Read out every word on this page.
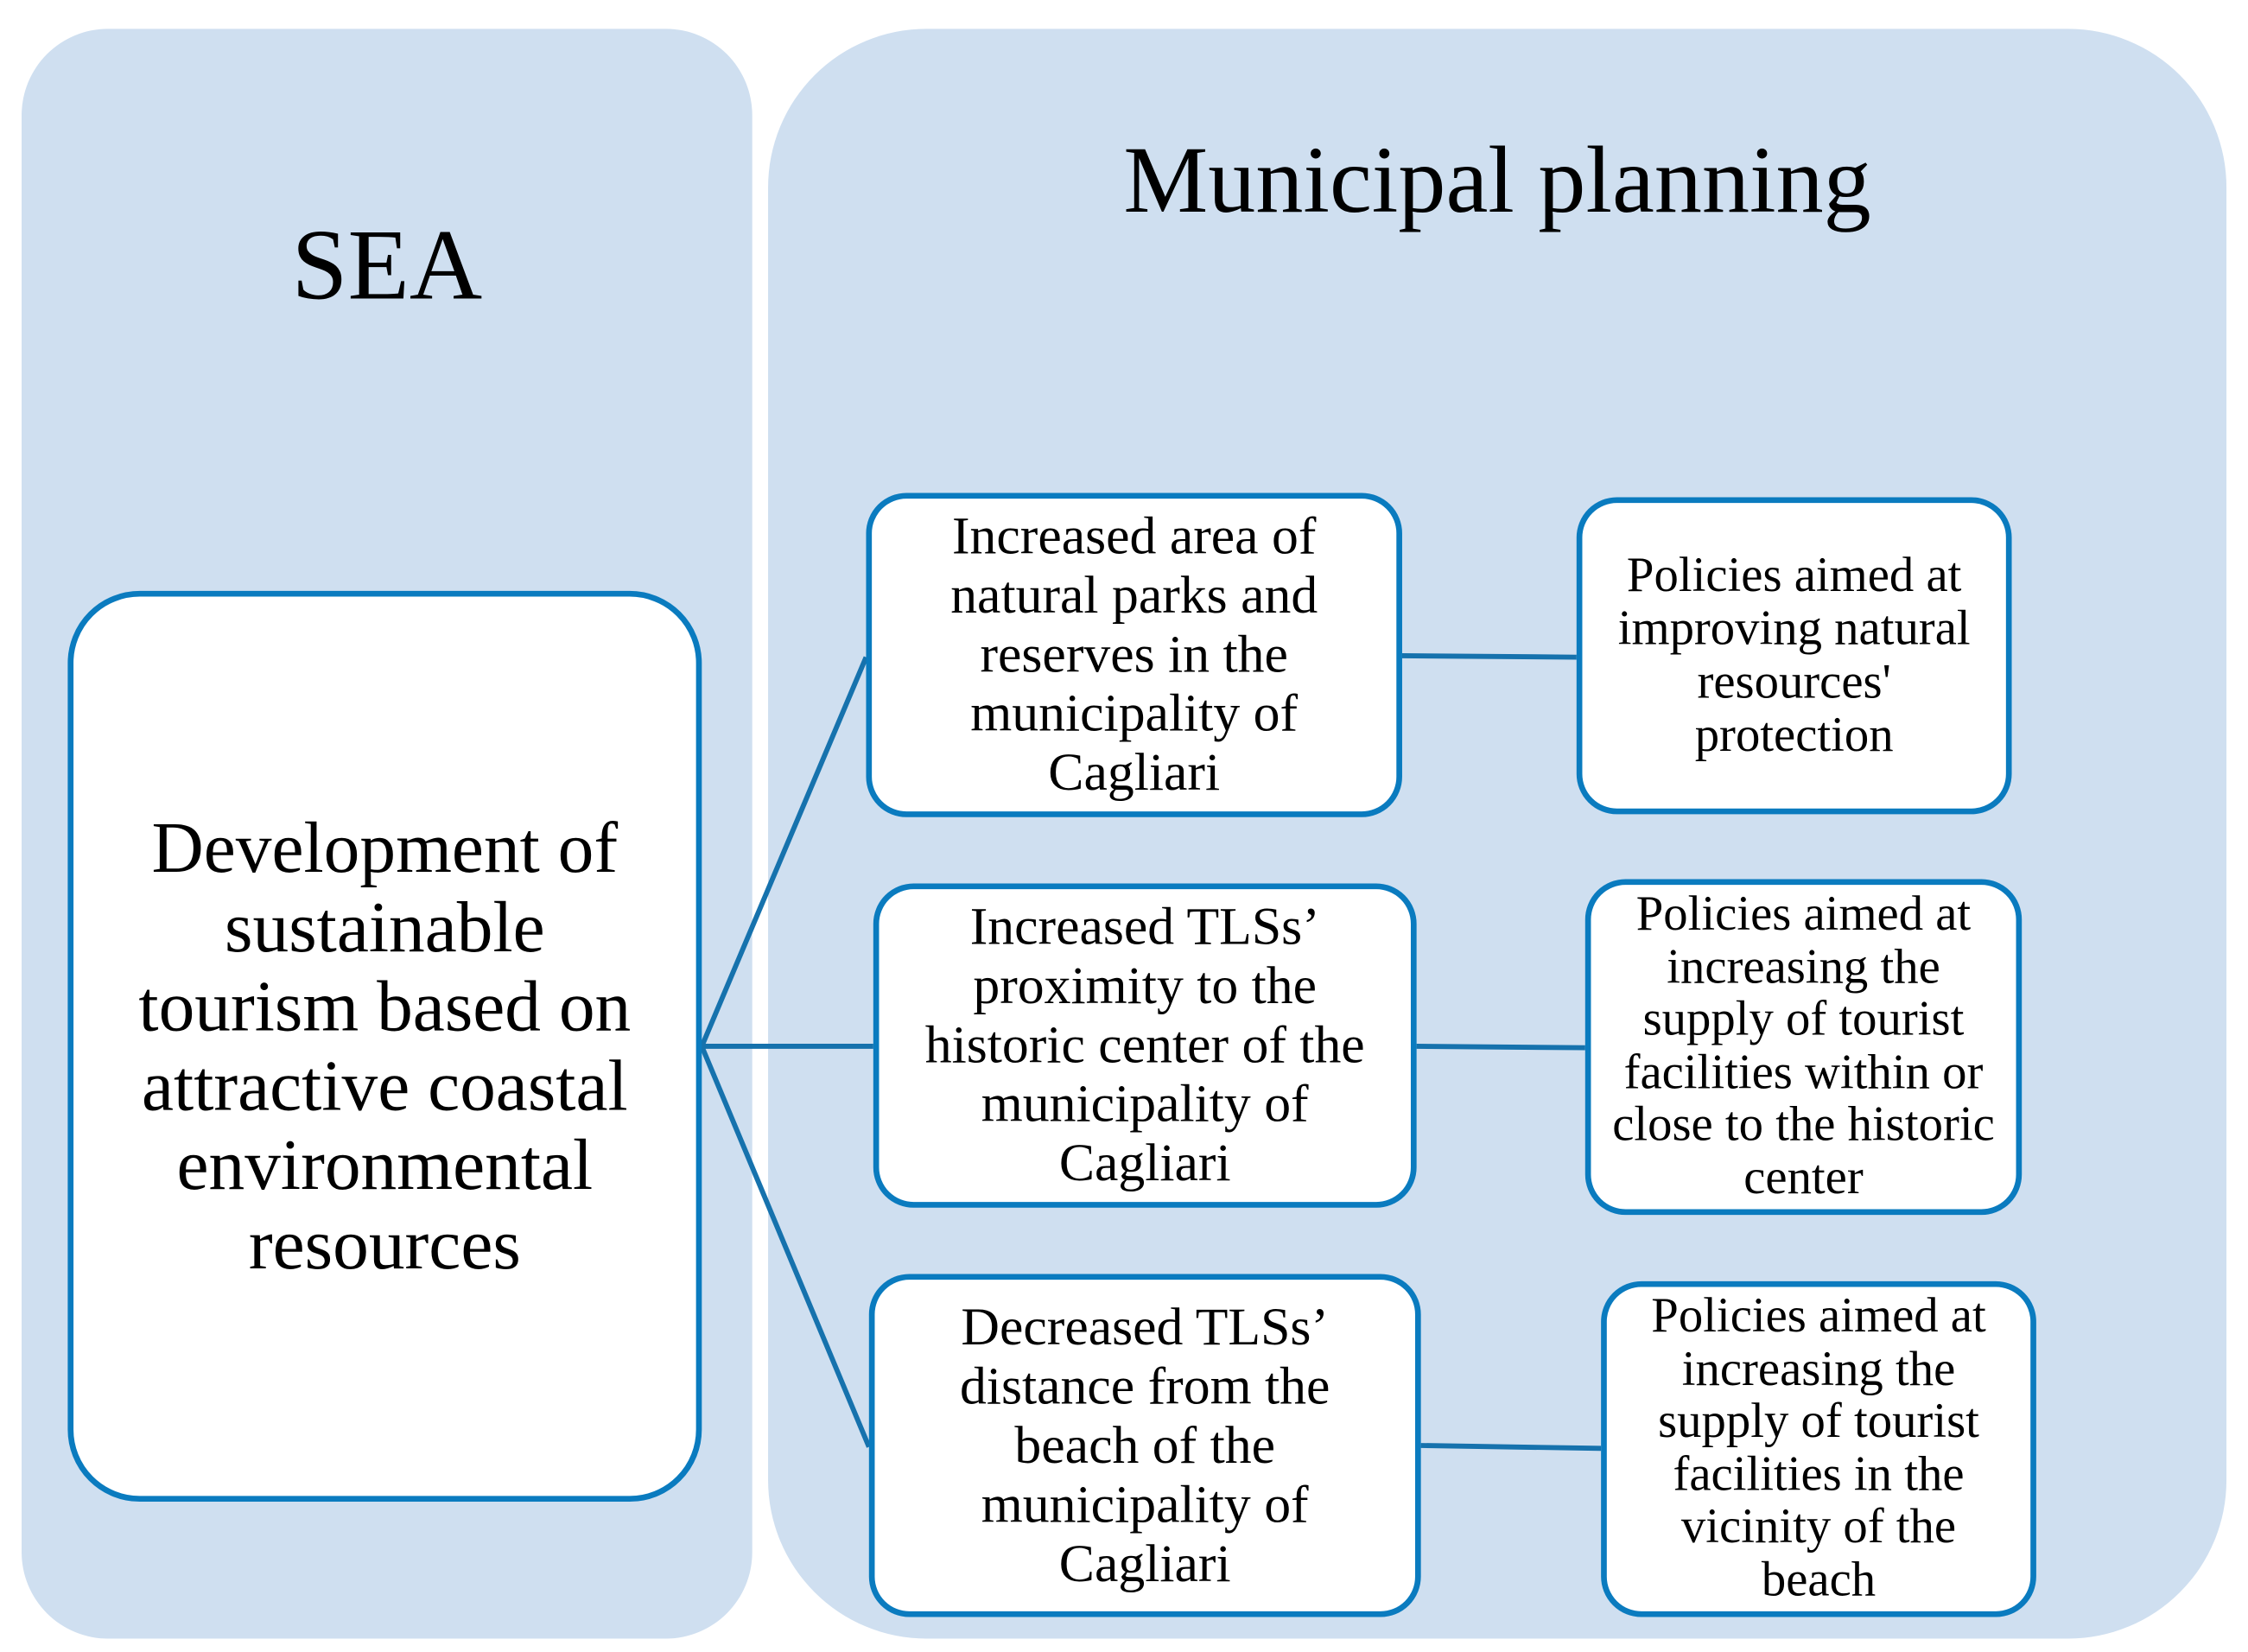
SEA
Municipal planning
Development of
sustainable
tourism based on
attractive coastal
environmental
resources
Increased area of
natural parks and
reserves in the
municipality of
Cagliari
Increased TLSs’
proximity to the
historic center of the
municipality of
Cagliari
Decreased TLSs’
distance from the
beach of the
municipality of
Cagliari
Policies aimed at
improving natural
resources'
protection
Policies aimed at
increasing the
supply of tourist
facilities within or
close to the historic
center
Policies aimed at
increasing the
supply of tourist
facilities in the
vicinity of the
beach
